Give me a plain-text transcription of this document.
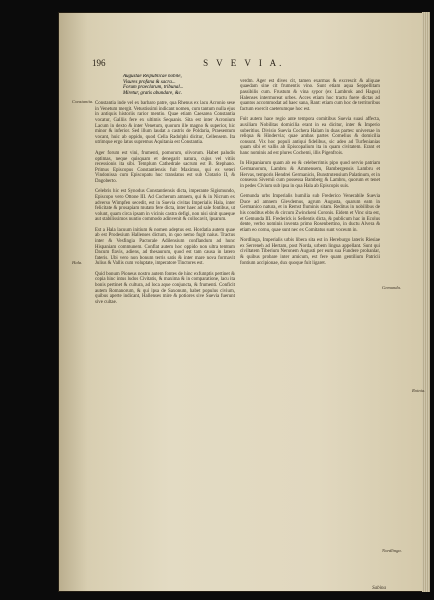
196	S V E V I A.
Augustae Reipublicae nobile,
Visures profana & sacra...
Forum praeclarum, tribunal...
Miretur, gratis abundare, &c.

Constantia inde vel ex barbaro patre, qua Rhenus ex lacu Acronio sese in Venetum mergit. Vetustissimi indicant nomen, cum tantum nulla ejus in antiquis historiis rarior mentio. Quae etiam Caesarea Constantia vocatur, Galliis fere ex ultimis Sequanis. Sita est inter Acronium Lacum in dexto & inter Venetum, quorum ille magno & superior, hic minor & inferior. Sed illum laudat a castris de Poldaria, Praesentum vocant, huic ab oppido, quod Cella Radolphi dicitur, Cellensem. Ita utrimque ergo latus supremus Aquitania est Constantia.

Ager forum est vini, frumenti, pomorum, olivorum. Habet paludis optimas, neque quisquam et denegarit natura, cujus vel vitiis recessionis ita sibi. Templum Cathedrale sacrum est B. Stephano. Primus Episcopus Constantiensis fuit Maximus, qui ex veteri Vindonissa cum Episcopatu huc translatus est sub Clotario II, & Dagoberto.

Celebris hic est Synodus Constantiensis dicta, imperante Sigismundo, Episcopo vero Ottone III. Ad Cocherum amnem, qui & in Nicrum ex adverso Wimpfen secedit, est in Suevia civitas Imperialis Hala, inter felicitate & prosapiam mutato fere dicta, inter haec ad sale fontibus, ut volunt, quam circa ipsam in vicinis castra defigi, non nisi sinit quaeque aut stabilissimos nuntio commodo adinvenit & collocavit, ipsarum.

Est a Hala lacuum initium & nomen adeptus est. Hordatia autem quae ab est Prodesium Hallenses dictum, in quo nemo fugit naius. Tractus inter & Vesfingia Pactorale Adilensium conflandum ad hunc Hispaniam communem. Conflat autem hoc oppido non ultra temtum Dacum flavis, adiens, ad thesaurum, quod est tam causa in latero fateris. Ubi vero non bonum terris satis & inter mare nova formavit Julius & Vallis cum voluptate, imperatore Tinctores est.

Quid bonum Pioneus nostro autem fontes de hinc exfumptis pertinet & copia hinc intus ludos Civitatis, & maxima & in comparatione, lacu ita bonis pertinet & cultura, ad loca aque conjuncta, & frumenti. Conficit autem Romanorum, & qui ipsa de Saxonum, habet populus civium, quibus aperte indicant, Hallenses mire & potiores sive Suevia fuerunt sive cultae.

verdm. Ager est dives cit, tamen exarmas & excrescit & aliquae quaedam sine cit frumentis vino. Sunt etiam aqua Seppellitam passibilis cum. Frustum & vina sypor (ex Lambrok and Hagus) Halenses intermoreat urbes. Acces etiam hoc tractu fuere dictas ad quantos accommodat ad haec sana, Rant: etiam cum hoc de territoribus factum exercit caeterumque hoc est.

Fuit autem hace regio ante tempora comitibus Suevia suasi affecta, auxiliam Nobilitas domicilia erant in ea dicitur, inter & Imperio suberitius. Divisio Suevia Cochera Halam in duas partes: universae in reliqua & Hindervia; quae ambas partes Cornelius & domicilia consunt. Vix hoc populi antiqui fidelibus, sic adeo ad Turfenianias quam sibi et vallis ab Episcopalium ita in quam civitatem. Erant et hanc nominis ad est plures Cochemi, illis Pigenfrois.

In Hispaniarum quam ab eo & celeberrimis pipo quod servio patriam Germanorum, Lambru & Ammensem, Bambergensis Lambru et Hervas, temporis Hendrei Germanicis, Bunstrutensium Palatinum, et in consessu Sivernii cum possessa Bamberg & Lambru, quorum et tenet in pedes Civium sub ipsa in qua Hala ab Episcopis suis.

Gemunda urbs Imperialis humilia sub Frederico Venerabile Suevia Duce ad amnem Glevdemus, agrum Augusta, quarum eam in Germanico natura, et in Remst fluminis sitam. Reditus in nobilibus de his conditus ebbs & circum Zwinckeni Coronis. Eidem et Vinc sita est, et Gemunda III. Frederick is Sellentis dicta, & publicum hac in Ecolus dente, verbo nominis inventa primo Rosenbertino, in ductu Alvera & etiam eo cornu, quae sunt nec ex Comitatus sunt voceum in.

Nordlinga, Imperialis urbis libera sita est in Hereburgo lateris Riesiae ex Serreneh ad Hertam, post Norda, urbem lingua appellant. Sunt qui civiltatem Tiberium Neronem Augusti per eum sua Fundere probanlar, & quibus probare inter amicum, est fere quam gentilium Patricii fontium accipionae, dux quoque fuit ligaret.

Constantia.
Hala.
Gemunda.
Nordlinga.
Rotnia.
Sabina
